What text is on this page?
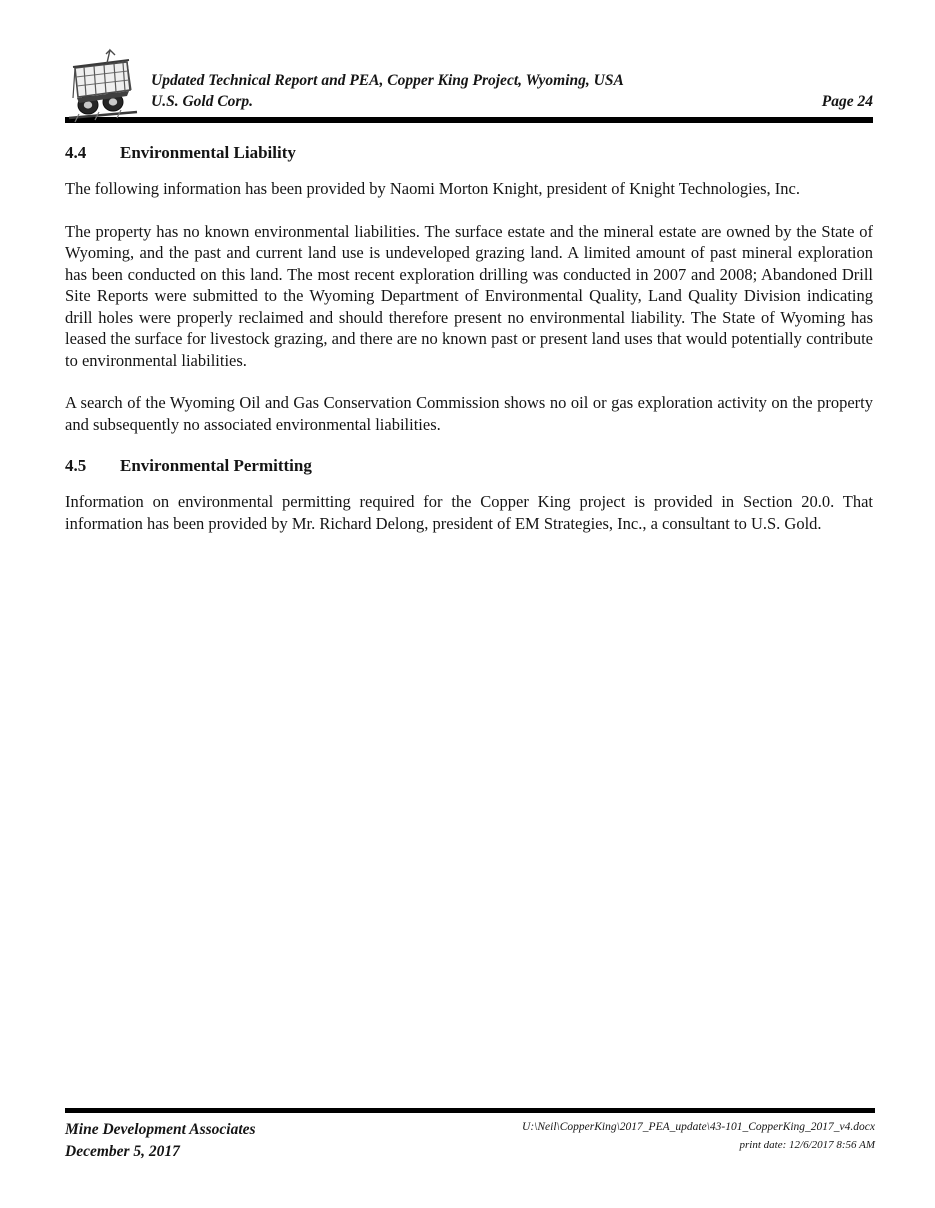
Updated Technical Report and PEA, Copper King Project, Wyoming, USA
U.S. Gold Corp.	Page 24
4.4 Environmental Liability

The following information has been provided by Naomi Morton Knight, president of Knight Technologies, Inc.

The property has no known environmental liabilities. The surface estate and the mineral estate are owned by the State of Wyoming, and the past and current land use is undeveloped grazing land. A limited amount of past mineral exploration has been conducted on this land. The most recent exploration drilling was conducted in 2007 and 2008; Abandoned Drill Site Reports were submitted to the Wyoming Department of Environmental Quality, Land Quality Division indicating drill holes were properly reclaimed and should therefore present no environmental liability. The State of Wyoming has leased the surface for livestock grazing, and there are no known past or present land uses that would potentially contribute to environmental liabilities.

A search of the Wyoming Oil and Gas Conservation Commission shows no oil or gas exploration activity on the property and subsequently no associated environmental liabilities.

4.5 Environmental Permitting

Information on environmental permitting required for the Copper King project is provided in Section 20.0. That information has been provided by Mr. Richard Delong, president of EM Strategies, Inc., a consultant to U.S. Gold.

Mine Development Associates
December 5, 2017
U:\Neil\CopperKing\2017_PEA_update\43-101_CopperKing_2017_v4.docx
print date: 12/6/2017 8:56 AM
